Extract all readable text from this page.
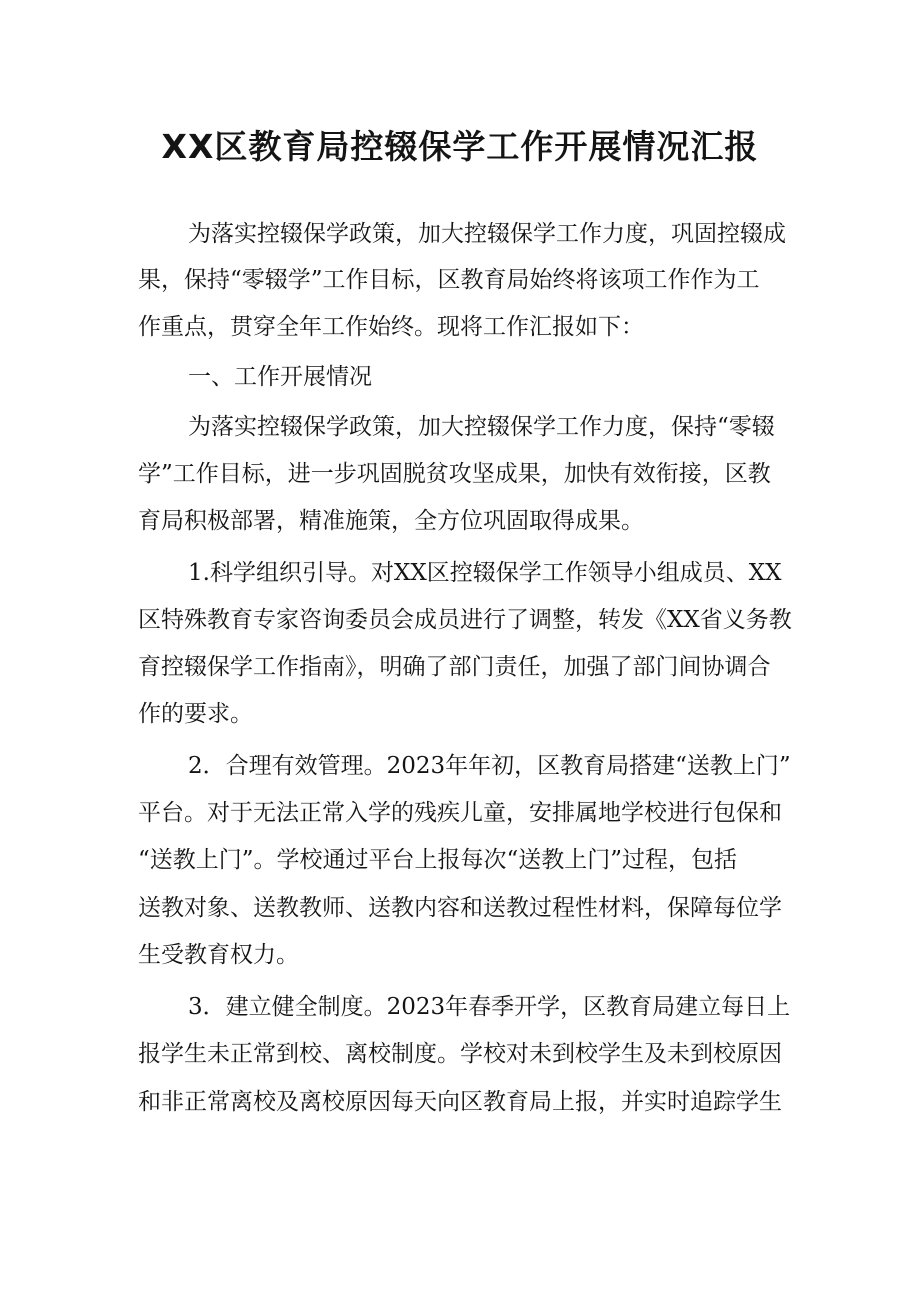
XX区教育局控辍保学工作开展情况汇报
为落实控辍保学政策，加大控辍保学工作力度，巩固控辍成
果，保持“零辍学”工作目标，区教育局始终将该项工作作为工
作重点，贯穿全年工作始终。现将工作汇报如下：
一、工作开展情况
为落实控辍保学政策，加大控辍保学工作力度，保持“零辍
学”工作目标，进一步巩固脱贫攻坚成果，加快有效衔接，区教
育局积极部署，精准施策，全方位巩固取得成果。
1.科学组织引导。对XX区控辍保学工作领导小组成员、XX
区特殊教育专家咨询委员会成员进行了调整，转发《XX省义务教
育控辍保学工作指南》，明确了部门责任，加强了部门间协调合
作的要求。
2．合理有效管理。2023年年初，区教育局搭建“送教上门”
平台。对于无法正常入学的残疾儿童，安排属地学校进行包保和
“送教上门”。学校通过平台上报每次“送教上门”过程，包括
送教对象、送教教师、送教内容和送教过程性材料，保障每位学
生受教育权力。
3．建立健全制度。2023年春季开学，区教育局建立每日上
报学生未正常到校、离校制度。学校对未到校学生及未到校原因
和非正常离校及离校原因每天向区教育局上报，并实时追踪学生
